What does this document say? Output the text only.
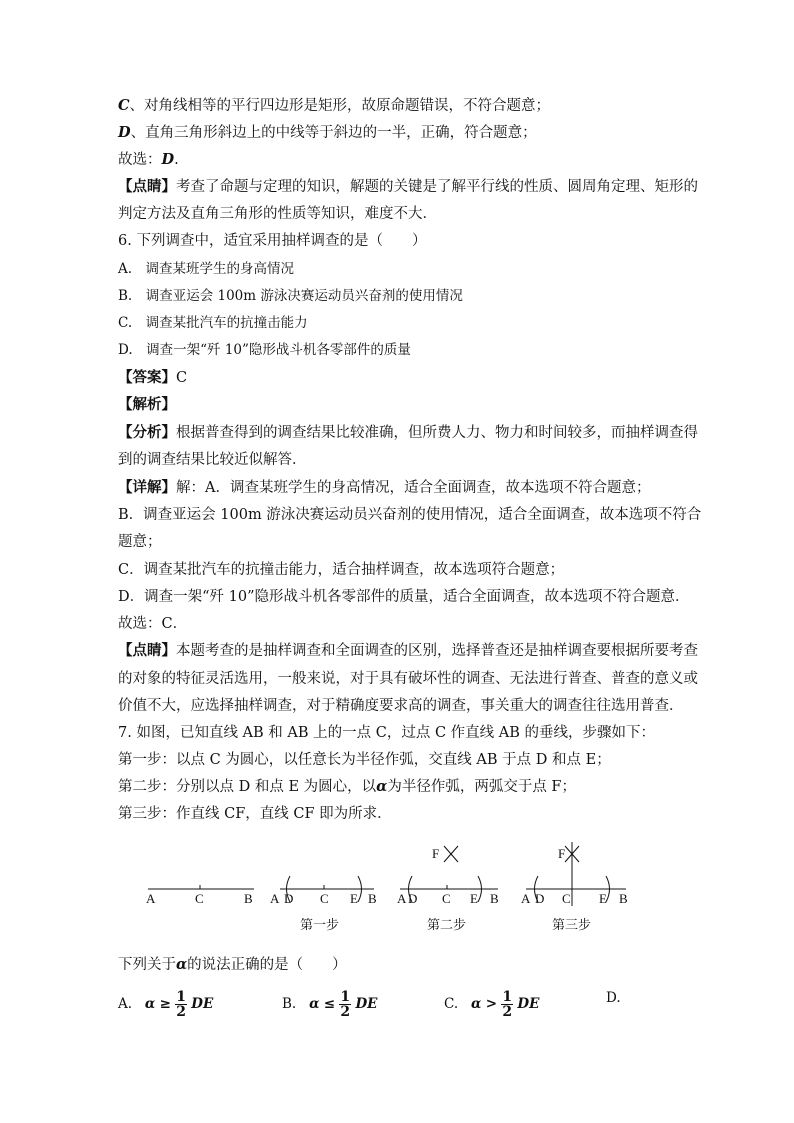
C、对角线相等的平行四边形是矩形，故原命题错误，不符合题意；
D、直角三角形斜边上的中线等于斜边的一半，正确，符合题意；
故选：D.
【点睛】考查了命题与定理的知识，解题的关键是了解平行线的性质、圆周角定理、矩形的
判定方法及直角三角形的性质等知识，难度不大．
6. 下列调查中，适宜采用抽样调查的是（　　）
A.　调查某班学生的身高情况
B.　调查亚运会 100m 游泳决赛运动员兴奋剂的使用情况
C.　调查某批汽车的抗撞击能力
D.　调查一架“歼 10”隐形战斗机各零部件的质量
【答案】C
【解析】
【分析】根据普查得到的调查结果比较准确，但所费人力、物力和时间较多，而抽样调查得
到的调查结果比较近似解答．
【详解】解：A．调查某班学生的身高情况，适合全面调查，故本选项不符合题意；
B．调查亚运会 100m 游泳决赛运动员兴奋剂的使用情况，适合全面调查，故本选项不符合
题意；
C．调查某批汽车的抗撞击能力，适合抽样调查，故本选项符合题意；
D．调查一架“歼 10”隐形战斗机各零部件的质量，适合全面调查，故本选项不符合题意．
故选：C．
【点睛】本题考查的是抽样调查和全面调查的区别，选择普查还是抽样调查要根据所要考查
的对象的特征灵活选用，一般来说，对于具有破坏性的调查、无法进行普查、普查的意义或
价值不大，应选择抽样调查，对于精确度要求高的调查，事关重大的调查往往选用普查．
7. 如图，已知直线 AB 和 AB 上的一点 C，过点 C 作直线 AB 的垂线，步骤如下：
第一步：以点 C 为圆心，以任意长为半径作弧，交直线 AB 于点 D 和点 E；
第二步：分别以点 D 和点 E 为圆心，以α为半径作弧，两弧交于点 F；
第三步：作直线 CF，直线 CF 即为所求．
A	C	B A D C E B
F
A D C E B
F
A D C E B
第一步	第二步	第三步
下列关于α的说法正确的是（　　）
A. $\alpha \ge \frac{1}{2}$ DE	B. $\alpha \le \frac{1}{2}$ DE	C. $\alpha > \frac{1}{2}$ DE	D.
